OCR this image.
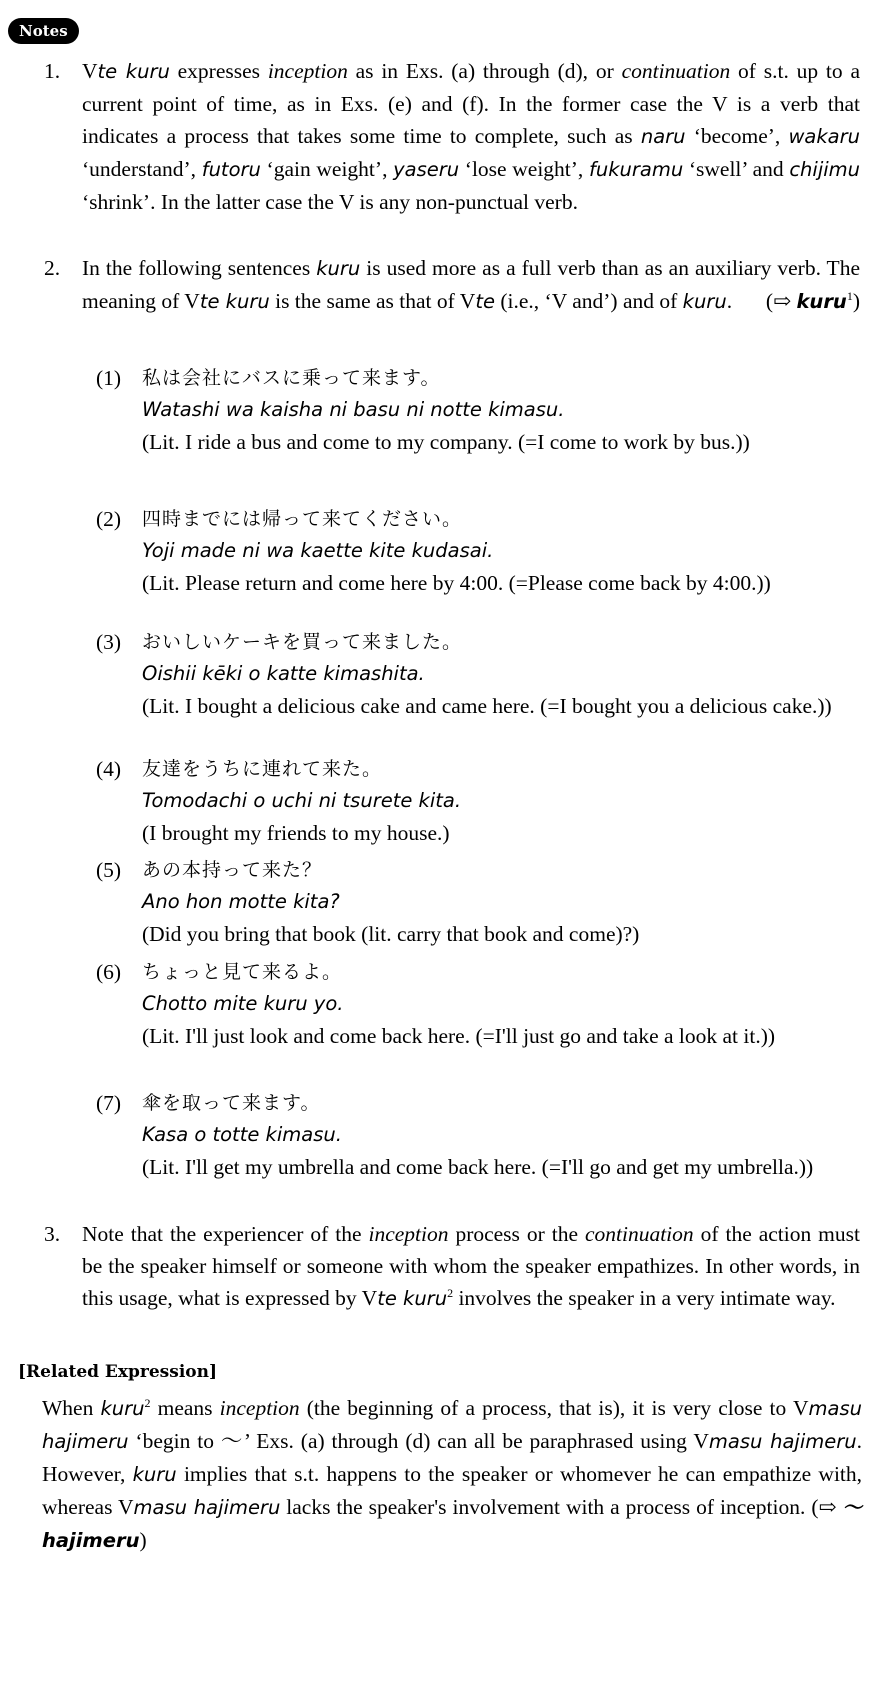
Notes
1. Vte kuru expresses inception as in Exs. (a) through (d), or continuation of s.t. up to a current point of time, as in Exs. (e) and (f). In the former case the V is a verb that indicates a process that takes some time to complete, such as naru ‘become’, wakaru ‘understand’, futoru ‘gain weight’, yaseru ‘lose weight’, fukuramu ‘swell’ and chijimu ‘shrink’. In the latter case the V is any non-punctual verb.
2. In the following sentences kuru is used more as a full verb than as an auxiliary verb. The meaning of Vte kuru is the same as that of Vte (i.e., ‘V and’) and of kuru. (⇨ kuru$^1$)
(1) 私は会社にバスに乗って来ます。
Watashi wa kaisha ni basu ni notte kimasu.
(Lit. I ride a bus and come to my company. (=I come to work by bus.))
(2) 四時までには帰って来てください。
Yoji made ni wa kaette kite kudasai.
(Lit. Please return and come here by 4:00. (=Please come back by 4:00.))
(3) おいしいケーキを買って来ました。
Oishii kēki o katte kimashita.
(Lit. I bought a delicious cake and came here. (=I bought you a delicious cake.))
(4) 友達をうちに連れて来た。
Tomodachi o uchi ni tsurete kita.
(I brought my friends to my house.)
(5) あの本持って来た？
Ano hon motte kita?
(Did you bring that book (lit. carry that book and come)?)
(6) ちょっと見て来るよ。
Chotto mite kuru yo.
(Lit. I'll just look and come back here. (=I'll just go and take a look at it.))
(7) 傘を取って来ます。
Kasa o totte kimasu.
(Lit. I'll get my umbrella and come back here. (=I'll go and get my umbrella.))
3. Note that the experiencer of the inception process or the continuation of the action must be the speaker himself or someone with whom the speaker empathizes. In other words, in this usage, what is expressed by Vte kuru$^2$ involves the speaker in a very intimate way.
[Related Expression]
When kuru$^2$ means inception (the beginning of a process, that is), it is very close to Vmasu hajimeru ‘begin to ～’ Exs. (a) through (d) can all be paraphrased using Vmasu hajimeru. However, kuru implies that s.t. happens to the speaker or whomever he can empathize with, whereas Vmasu hajimeru lacks the speaker's involvement with a process of inception. (⇨ ～hajimeru)
